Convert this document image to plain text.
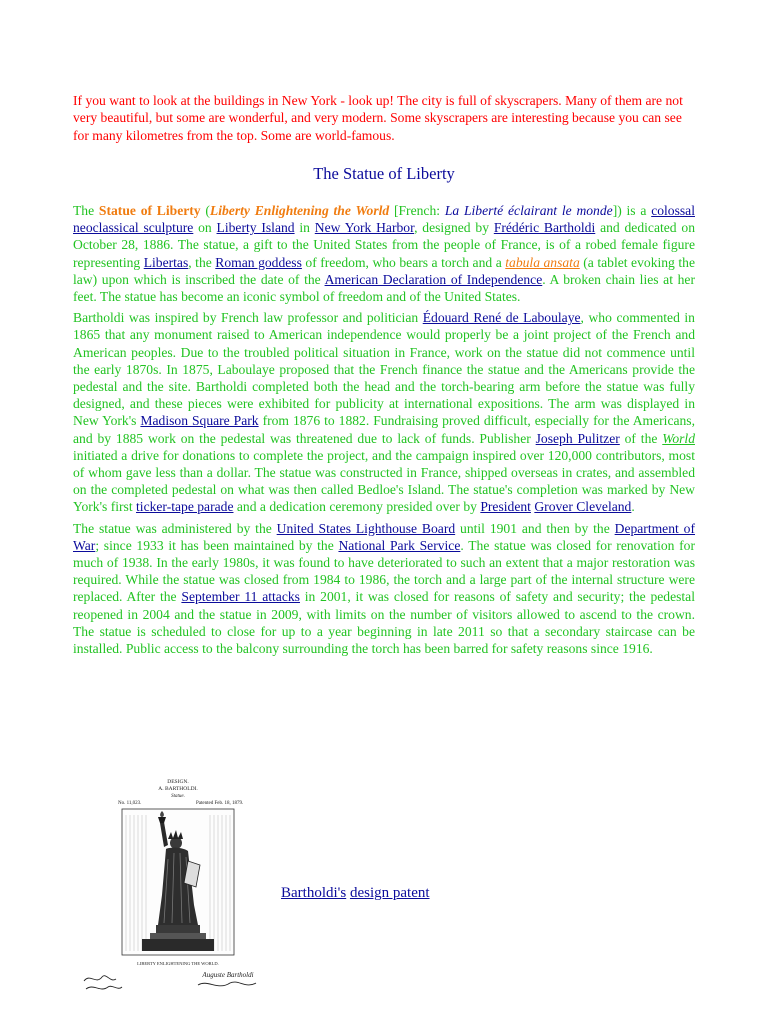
If you want to look at the buildings in New York - look up! The city is full of skyscrapers. Many of them are not very beautiful, but some are wonderful, and very modern. Some skyscrapers are interesting because you can see for many kilometres from the top. Some are world-famous.

The Statue of Liberty

The Statue of Liberty (Liberty Enlightening the World [French: La Liberté éclairant le monde]) is a colossal neoclassical sculpture on Liberty Island in New York Harbor, designed by Frédéric Bartholdi and dedicated on October 28, 1886. The statue, a gift to the United States from the people of France, is of a robed female figure representing Libertas, the Roman goddess of freedom, who bears a torch and a tabula ansata (a tablet evoking the law) upon which is inscribed the date of the American Declaration of Independence. A broken chain lies at her feet. The statue has become an iconic symbol of freedom and of the United States.

Bartholdi was inspired by French law professor and politician Édouard René de Laboulaye, who commented in 1865 that any monument raised to American independence would properly be a joint project of the French and American peoples. Due to the troubled political situation in France, work on the statue did not commence until the early 1870s. In 1875, Laboulaye proposed that the French finance the statue and the Americans provide the pedestal and the site. Bartholdi completed both the head and the torch-bearing arm before the statue was fully designed, and these pieces were exhibited for publicity at international expositions. The arm was displayed in New York's Madison Square Park from 1876 to 1882. Fundraising proved difficult, especially for the Americans, and by 1885 work on the pedestal was threatened due to lack of funds. Publisher Joseph Pulitzer of the World initiated a drive for donations to complete the project, and the campaign inspired over 120,000 contributors, most of whom gave less than a dollar. The statue was constructed in France, shipped overseas in crates, and assembled on the completed pedestal on what was then called Bedloe's Island. The statue's completion was marked by New York's first ticker-tape parade and a dedication ceremony presided over by President Grover Cleveland.

The statue was administered by the United States Lighthouse Board until 1901 and then by the Department of War; since 1933 it has been maintained by the National Park Service. The statue was closed for renovation for much of 1938. In the early 1980s, it was found to have deteriorated to such an extent that a major restoration was required. While the statue was closed from 1984 to 1986, the torch and a large part of the internal structure were replaced. After the September 11 attacks in 2001, it was closed for reasons of safety and security; the pedestal reopened in 2004 and the statue in 2009, with limits on the number of visitors allowed to ascend to the crown. The statue is scheduled to close for up to a year beginning in late 2011 so that a secondary staircase can be installed. Public access to the balcony surrounding the torch has been barred for safety reasons since 1916.

DESIGN.
A. BARTHOLDI.
Statue.
No. 11,023.	Patented Feb. 18, 1879.
LIBERTY ENLIGHTENING THE WORLD.
Auguste Bartholdi
Bartholdi's design patent
